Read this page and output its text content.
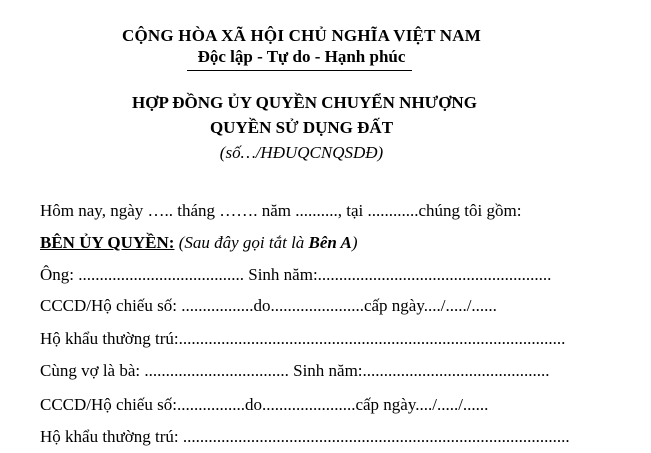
CỘNG HÒA XÃ HỘI CHỦ NGHĨA VIỆT NAM
Độc lập - Tự do - Hạnh phúc
HỢP ĐỒNG ỦY QUYỀN CHUYỂN NHƯỢNG
QUYỀN SỬ DỤNG ĐẤT
(số…/HĐUQCNQSDĐ)
Hôm nay, ngày ….. tháng ……. năm .........., tại ............chúng tôi gồm:
BÊN ỦY QUYỀN: (Sau đây gọi tắt là Bên A)
Ông: ....................................... Sinh năm:.......................................................
CCCD/Hộ chiếu số: .................do......................cấp ngày..../...../......
Hộ khẩu thường trú:...........................................................................................
Cùng vợ là bà: .................................. Sinh năm:............................................
CCCD/Hộ chiếu số:................do......................cấp ngày..../...../......
Hộ khẩu thường trú: ...........................................................................................
